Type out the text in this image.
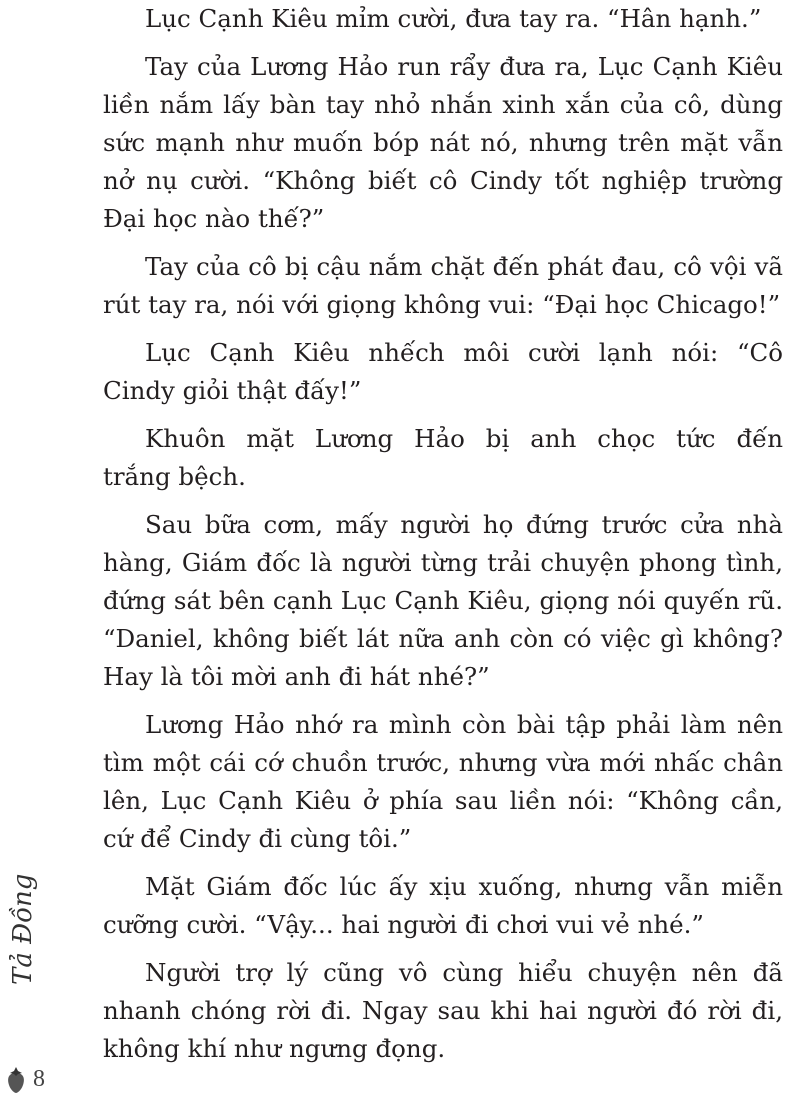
Lục Cạnh Kiêu mỉm cười, đưa tay ra. “Hân hạnh.”
Tay của Lương Hảo run rẩy đưa ra, Lục Cạnh Kiêu
liền nắm lấy bàn tay nhỏ nhắn xinh xắn của cô, dùng
sức mạnh như muốn bóp nát nó, nhưng trên mặt vẫn
nở nụ cười. “Không biết cô Cindy tốt nghiệp trường
Đại học nào thế?”
Tay của cô bị cậu nắm chặt đến phát đau, cô vội vã
rút tay ra, nói với giọng không vui: “Đại học Chicago!”
Lục Cạnh Kiêu nhếch môi cười lạnh nói: “Cô
Cindy giỏi thật đấy!”
Khuôn mặt Lương Hảo bị anh chọc tức đến
trắng bệch.
Sau bữa cơm, mấy người họ đứng trước cửa nhà
hàng, Giám đốc là người từng trải chuyện phong tình,
đứng sát bên cạnh Lục Cạnh Kiêu, giọng nói quyến rũ.
“Daniel, không biết lát nữa anh còn có việc gì không?
Hay là tôi mời anh đi hát nhé?”
Lương Hảo nhớ ra mình còn bài tập phải làm nên
tìm một cái cớ chuồn trước, nhưng vừa mới nhấc chân
lên, Lục Cạnh Kiêu ở phía sau liền nói: “Không cần,
cứ để Cindy đi cùng tôi.”
Mặt Giám đốc lúc ấy xịu xuống, nhưng vẫn miễn
cưỡng cười. “Vậy... hai người đi chơi vui vẻ nhé.”
Người trợ lý cũng vô cùng hiểu chuyện nên đã
nhanh chóng rời đi. Ngay sau khi hai người đó rời đi,
không khí như ngưng đọng.
Tả Đồng
8
